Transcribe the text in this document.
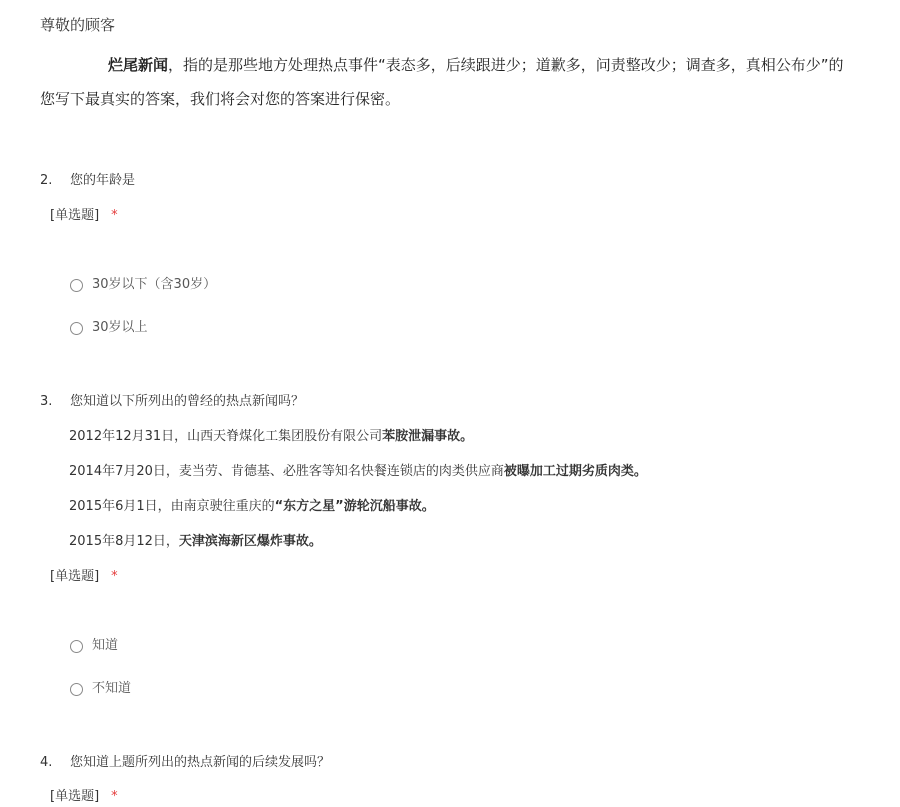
尊敬的顾客
烂尾新闻，指的是那些地方处理热点事件“表态多，后续跟进少；道歉多，问责整改少；调查多，真相公布少”的
您写下最真实的答案，我们将会对您的答案进行保密。
2. 您的年龄是
[单选题] *
30岁以下（含30岁）
30岁以上
3. 您知道以下所列出的曾经的热点新闻吗？
2012年12月31日，山西天脊煤化工集团股份有限公司苯胺泄漏事故。
2014年7月20日，麦当劳、肯德基、必胜客等知名快餐连锁店的肉类供应商被曝加工过期劣质肉类。
2015年6月1日，由南京驶往重庆的“东方之星”游轮沉船事故。
2015年8月12日，天津滨海新区爆炸事故。
[单选题] *
知道
不知道
4. 您知道上题所列出的热点新闻的后续发展吗？
[单选题] *
